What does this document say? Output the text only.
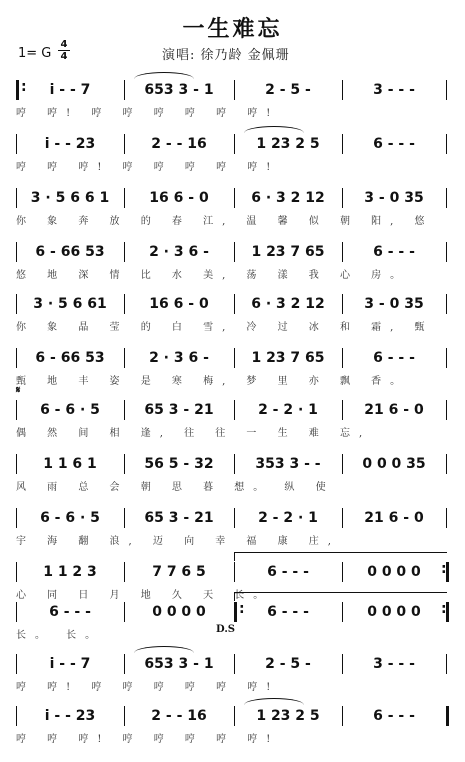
一生难忘
1= G
4
4	演唱: 徐乃龄 金佩珊
:
i - - 7	653 3 - 1	2 - 5 -	3 - - -
哼 哼! 哼 哼 哼 哼 哼 哼!
i - - 23	2 - - 16	1 23 2 5	6 - - -
哼 哼 哼! 哼 哼 哼 哼 哼!
3 · 5 6 6 1	16 6 - 0	6 · 3 2 12	3 - 0 35
你 象 奔 放 的 春 江, 温 馨 似 朝 阳, 悠
6 - 66 53	2 · 3 6 -	1 23 7 65	6 - - -
悠 地 深 情 比 水 美, 荡 漾 我 心 房。
3 · 5 6 61	16 6 - 0	6 · 3 2 12	3 - 0 35
你 象 晶 莹 的 白 雪, 冷 过 冰 和 霜, 甄
6 - 66 53	2 · 3 6 -	1 23 7 65	6 - - -
甄 地 丰 姿 是 寒 梅, 梦 里 亦 飘 香。
6 - 6 · 5	65 3 - 21	2 - 2 · 1	21 6 - 0
偶 然 间 相 逢, 往 往 一 生 难 忘,
1 1 6 1	56 5 - 32	353 3 - -	0 0 0 35
风 雨 总 会 朝 思 暮 想。 纵 使
6 - 6 · 5	65 3 - 21	2 - 2 · 1	21 6 - 0
宇 海 翻 浪, 迈 向 幸 福 康 庄,
:
1 1 2 3	7 7 6 5	6 - - -	0 0 0 0
心 同 日 月 地 久 天 长。
:
:
6 - - -	0 0 0 0	6 - - -	0 0 0 0
长。 长。
i - - 7	653 3 - 1	2 - 5 -	3 - - -
哼 哼! 哼 哼 哼 哼 哼 哼!
i - - 23	2 - - 16	1 23 2 5	6 - - -
哼 哼 哼! 哼 哼 哼 哼 哼!
𝄋
D.S
